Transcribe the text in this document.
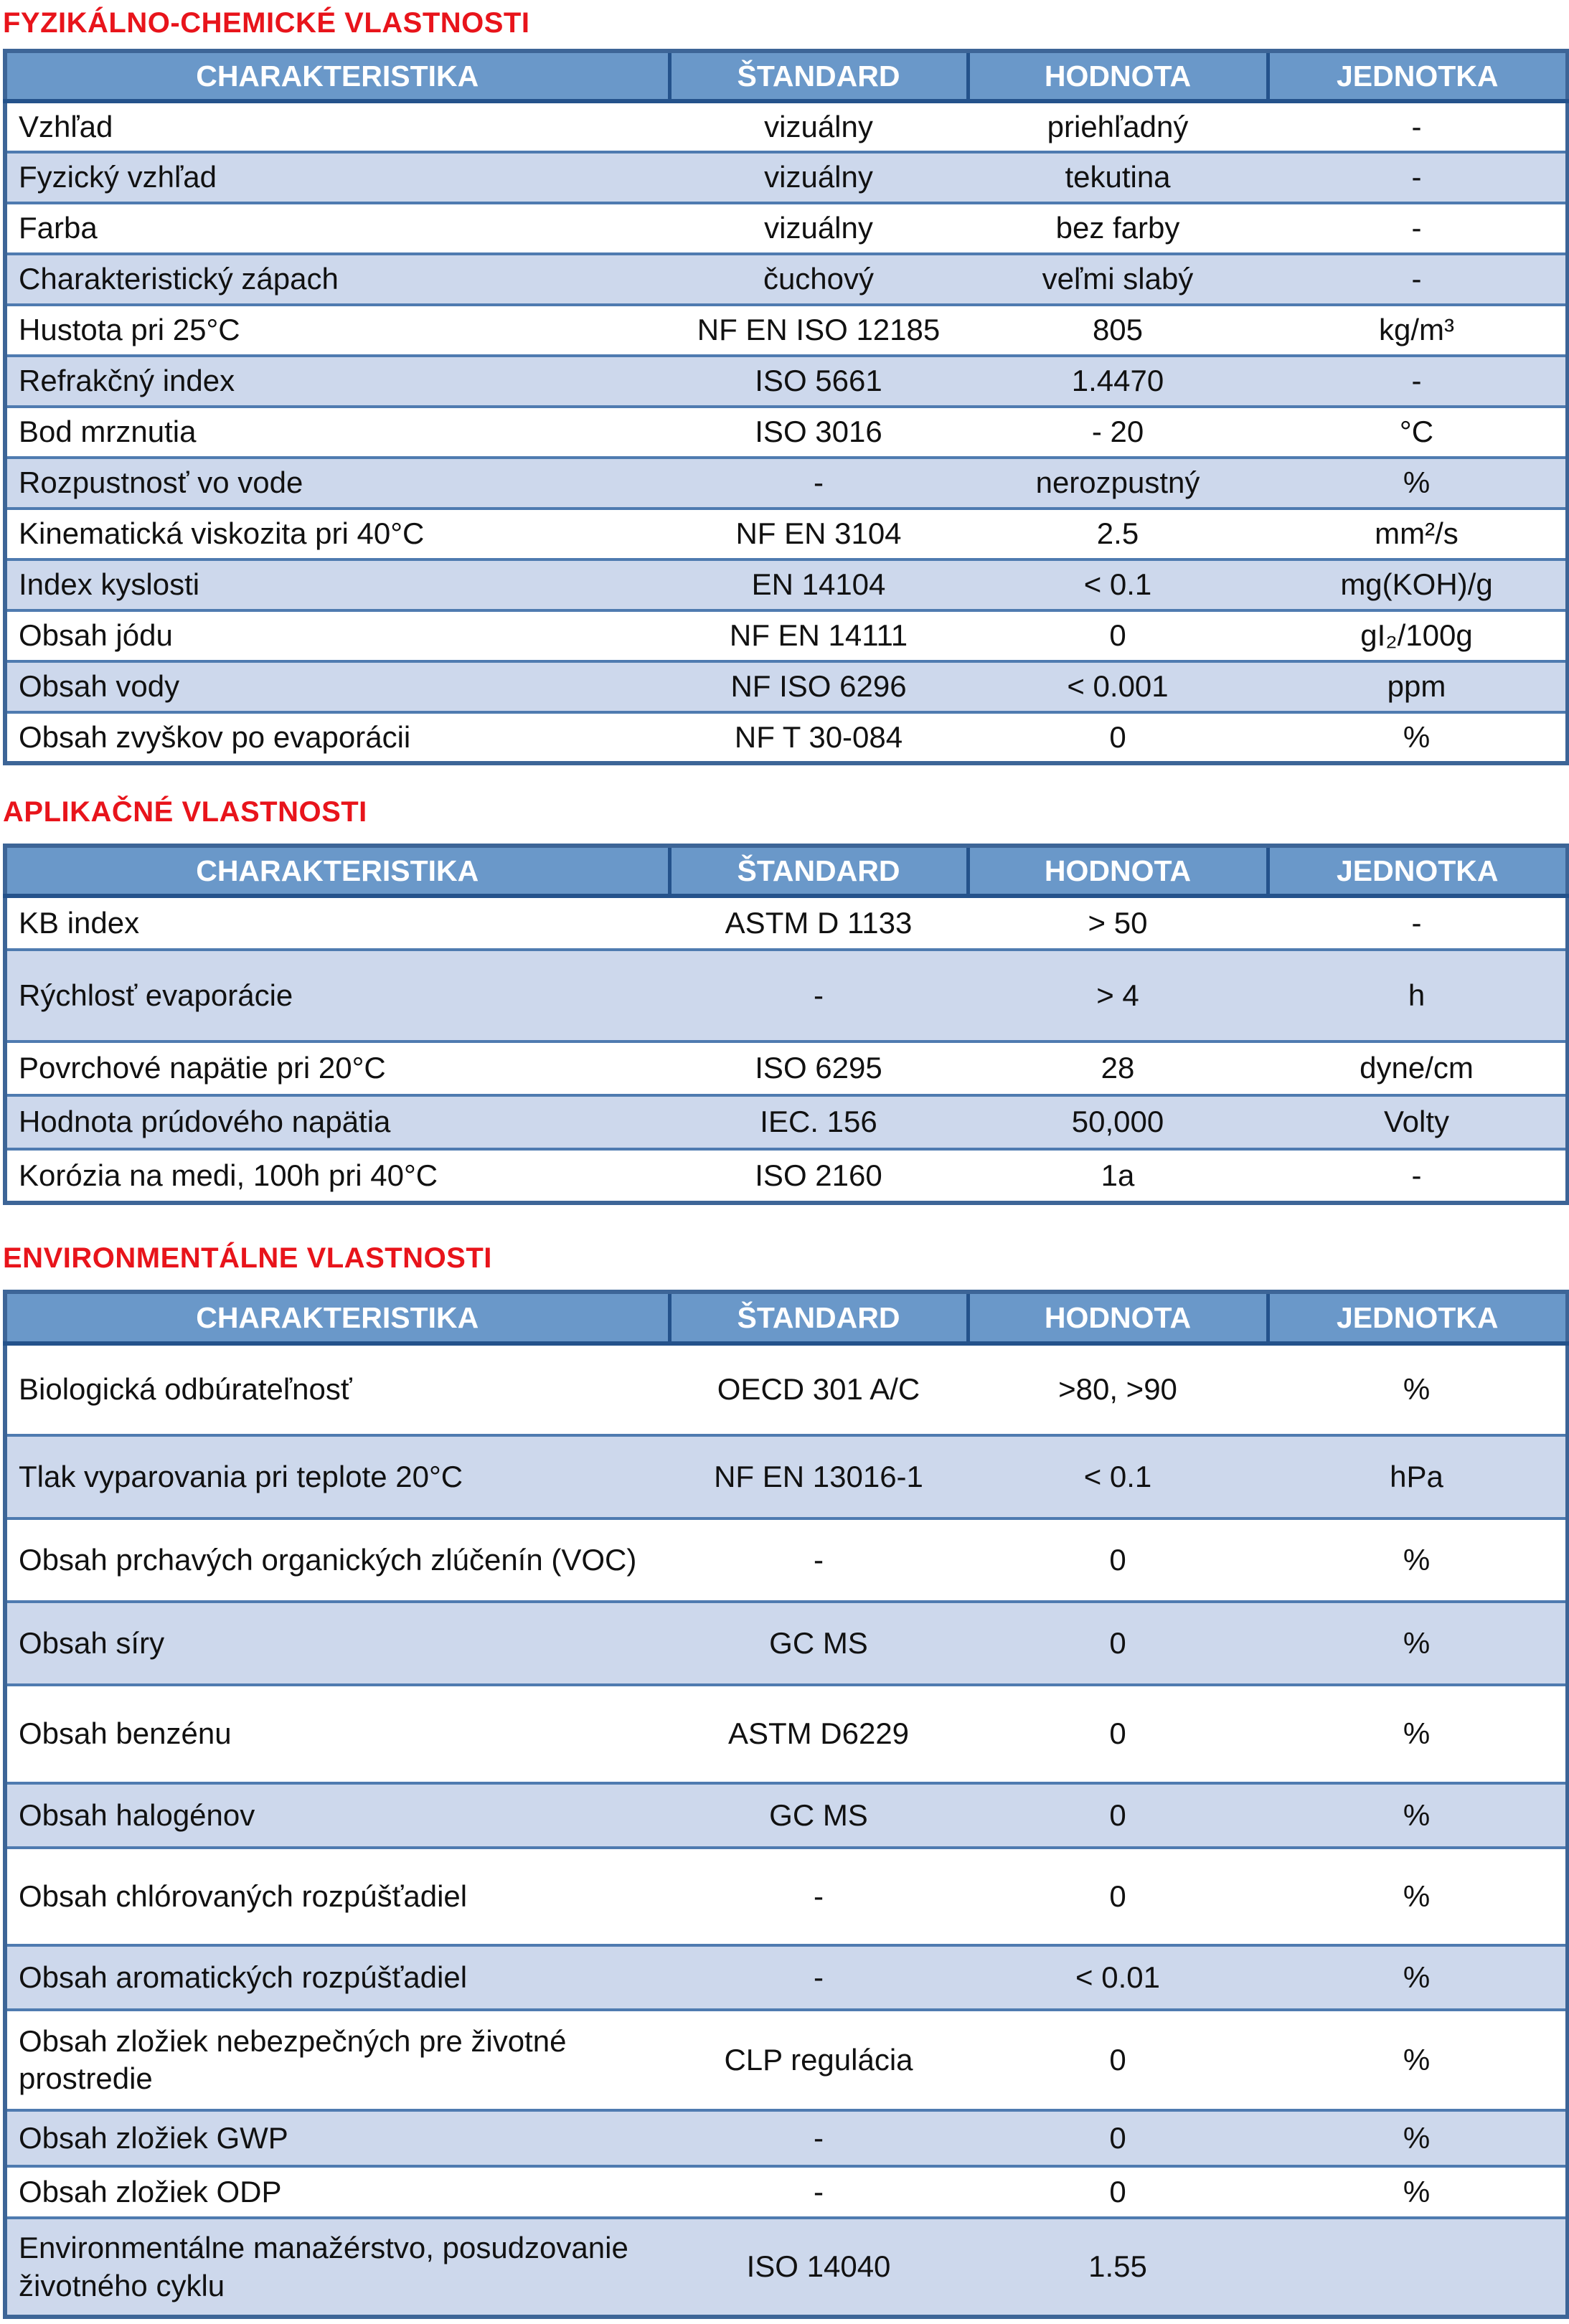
FYZIKÁLNO-CHEMICKÉ VLASTNOSTI
CHARAKTERISTIKA	ŠTANDARD	HODNOTA	JEDNOTKA
Vzhľad	vizuálny	priehľadný	-
Fyzický vzhľad	vizuálny	tekutina	-
Farba	vizuálny	bez farby	-
Charakteristický zápach	čuchový	veľmi slabý	-
Hustota pri 25°C	NF EN ISO 12185	805	kg/m³
Refrakčný index	ISO 5661	1.4470	-
Bod mrznutia	ISO 3016	- 20	°C
Rozpustnosť vo vode	-	nerozpustný	%
Kinematická viskozita pri 40°C	NF EN 3104	2.5	mm²/s
Index kyslosti	EN 14104	< 0.1	mg(KOH)/g
Obsah jódu	NF EN 14111	0	gI₂/100g
Obsah vody	NF ISO 6296	< 0.001	ppm
Obsah zvyškov po evaporácii	NF T 30-084	0	%
APLIKAČNÉ VLASTNOSTI
CHARAKTERISTIKA	ŠTANDARD	HODNOTA	JEDNOTKA
KB index	ASTM D 1133	> 50	-
Rýchlosť evaporácie	-	> 4	h
Povrchové napätie pri 20°C	ISO 6295	28	dyne/cm
Hodnota prúdového napätia	IEC. 156	50,000	Volty
Korózia na medi, 100h pri 40°C	ISO 2160	1a	-
ENVIRONMENTÁLNE VLASTNOSTI
CHARAKTERISTIKA	ŠTANDARD	HODNOTA	JEDNOTKA
Biologická odbúrateľnosť	OECD 301 A/C	>80, >90	%
Tlak vyparovania pri teplote 20°C	NF EN 13016-1	< 0.1	hPa
Obsah prchavých organických zlúčenín (VOC)	-	0	%
Obsah síry	GC MS	0	%
Obsah benzénu	ASTM D6229	0	%
Obsah halogénov	GC MS	0	%
Obsah chlórovaných rozpúšťadiel	-	0	%
Obsah aromatických rozpúšťadiel	-	< 0.01	%
Obsah zložiek nebezpečných pre životné prostredie	CLP regulácia	0	%
Obsah zložiek GWP	-	0	%
Obsah zložiek ODP	-	0	%
Environmentálne manažérstvo, posudzovanie životného cyklu	ISO 14040	1.55	
